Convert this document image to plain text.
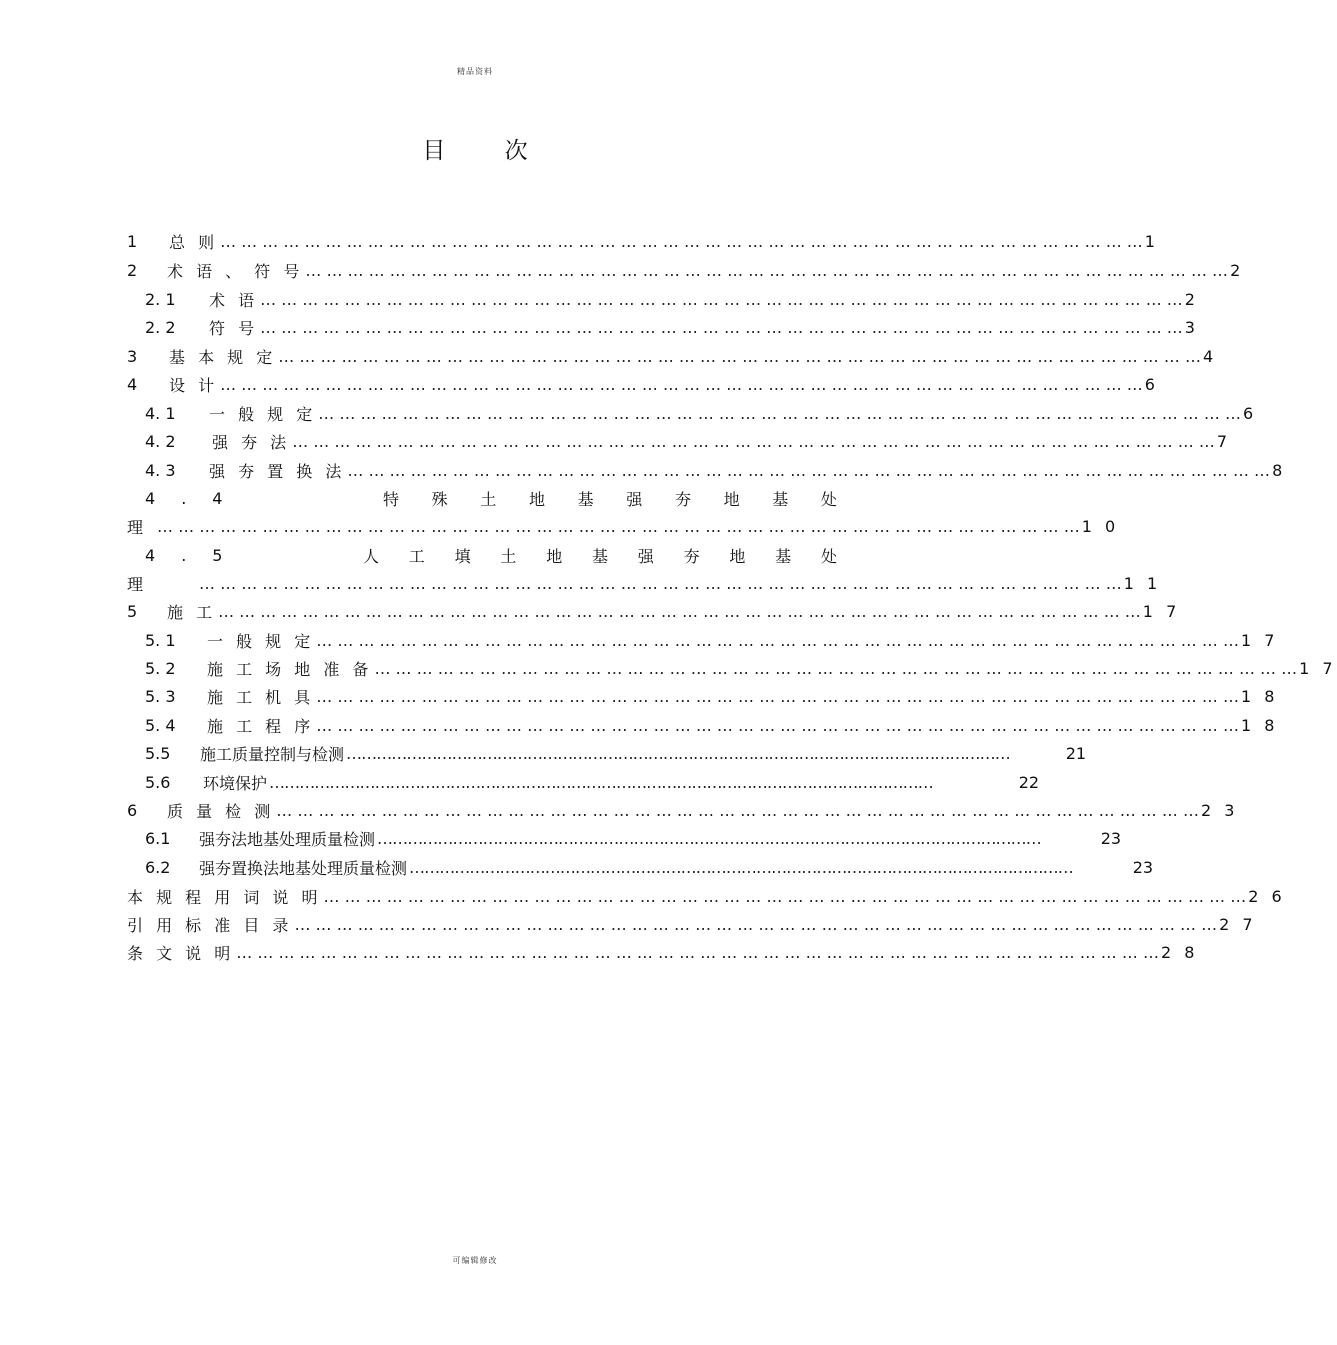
精品资料
目 次
1	总 则 … … … … … … … … … … … … … … … … … … … … … … … … … … … … … … … … … … … … … … … … … … … … 1
2	术 语 、 符 号 … … … … … … … … … … … … … … … … … … … … … … … … … … … … … … … … … … … … … … … … … … … … 2
2. 1	术 语 … … … … … … … … … … … … … … … … … … … … … … … … … … … … … … … … … … … … … … … … … … … … 2
2. 2	符 号 … … … … … … … … … … … … … … … … … … … … … … … … … … … … … … … … … … … … … … … … … … … … 3
3	基 本 规 定 … … … … … … … … … … … … … … … … … … … … … … … … … … … … … … … … … … … … … … … … … … … … 4
4	设 计 … … … … … … … … … … … … … … … … … … … … … … … … … … … … … … … … … … … … … … … … … … … … 6
4. 1	一 般 规 定 … … … … … … … … … … … … … … … … … … … … … … … … … … … … … … … … … … … … … … … … … … … … 6
4. 2	强 夯 法 … … … … … … … … … … … … … … … … … … … … … … … … … … … … … … … … … … … … … … … … … … … … 7
4. 3	强 夯 置 换 法 … … … … … … … … … … … … … … … … … … … … … … … … … … … … … … … … … … … … … … … … … … … … 8
4 . 4	特 殊 土 地 基 强 夯 地 基 处
理 … … … … … … … … … … … … … … … … … … … … … … … … … … … … … … … … … … … … … … … … … … … … 1 0
4 . 5	人 工 填 土 地 基 强 夯 地 基 处
理	… … … … … … … … … … … … … … … … … … … … … … … … … … … … … … … … … … … … … … … … … … … … 1 1
5	施 工 … … … … … … … … … … … … … … … … … … … … … … … … … … … … … … … … … … … … … … … … … … … … 1 7
5. 1	一 般 规 定 … … … … … … … … … … … … … … … … … … … … … … … … … … … … … … … … … … … … … … … … … … … … 1 7
5. 2	施 工 场 地 准 备 … … … … … … … … … … … … … … … … … … … … … … … … … … … … … … … … … … … … … … … … … … … … 1 7
5. 3	施 工 机 具 … … … … … … … … … … … … … … … … … … … … … … … … … … … … … … … … … … … … … … … … … … … … 1 8
5. 4	施 工 程 序 … … … … … … … … … … … … … … … … … … … … … … … … … … … … … … … … … … … … … … … … … … … … 1 8
5.5	施工质量控制与检测 … … … … … … … … … … … … … … … … … … … … … … … … … … … … … … … … … … … … … … … … … … … …	21
5.6	环境保护 … … … … … … … … … … … … … … … … … … … … … … … … … … … … … … … … … … … … … … … … … … … …	22
6	质 量 检 测 … … … … … … … … … … … … … … … … … … … … … … … … … … … … … … … … … … … … … … … … … … … … 2 3
6.1	强夯法地基处理质量检测 … … … … … … … … … … … … … … … … … … … … … … … … … … … … … … … … … … … … … … … … … … … …	23
6.2	强夯置换法地基处理质量检测 … … … … … … … … … … … … … … … … … … … … … … … … … … … … … … … … … … … … … … … … … … … …	23
本 规 程 用 词 说 明 … … … … … … … … … … … … … … … … … … … … … … … … … … … … … … … … … … … … … … … … … … … … 2 6
引 用 标 准 目 录 … … … … … … … … … … … … … … … … … … … … … … … … … … … … … … … … … … … … … … … … … … … … 2 7
条 文 说 明 … … … … … … … … … … … … … … … … … … … … … … … … … … … … … … … … … … … … … … … … … … … … 2 8
可编辑修改
